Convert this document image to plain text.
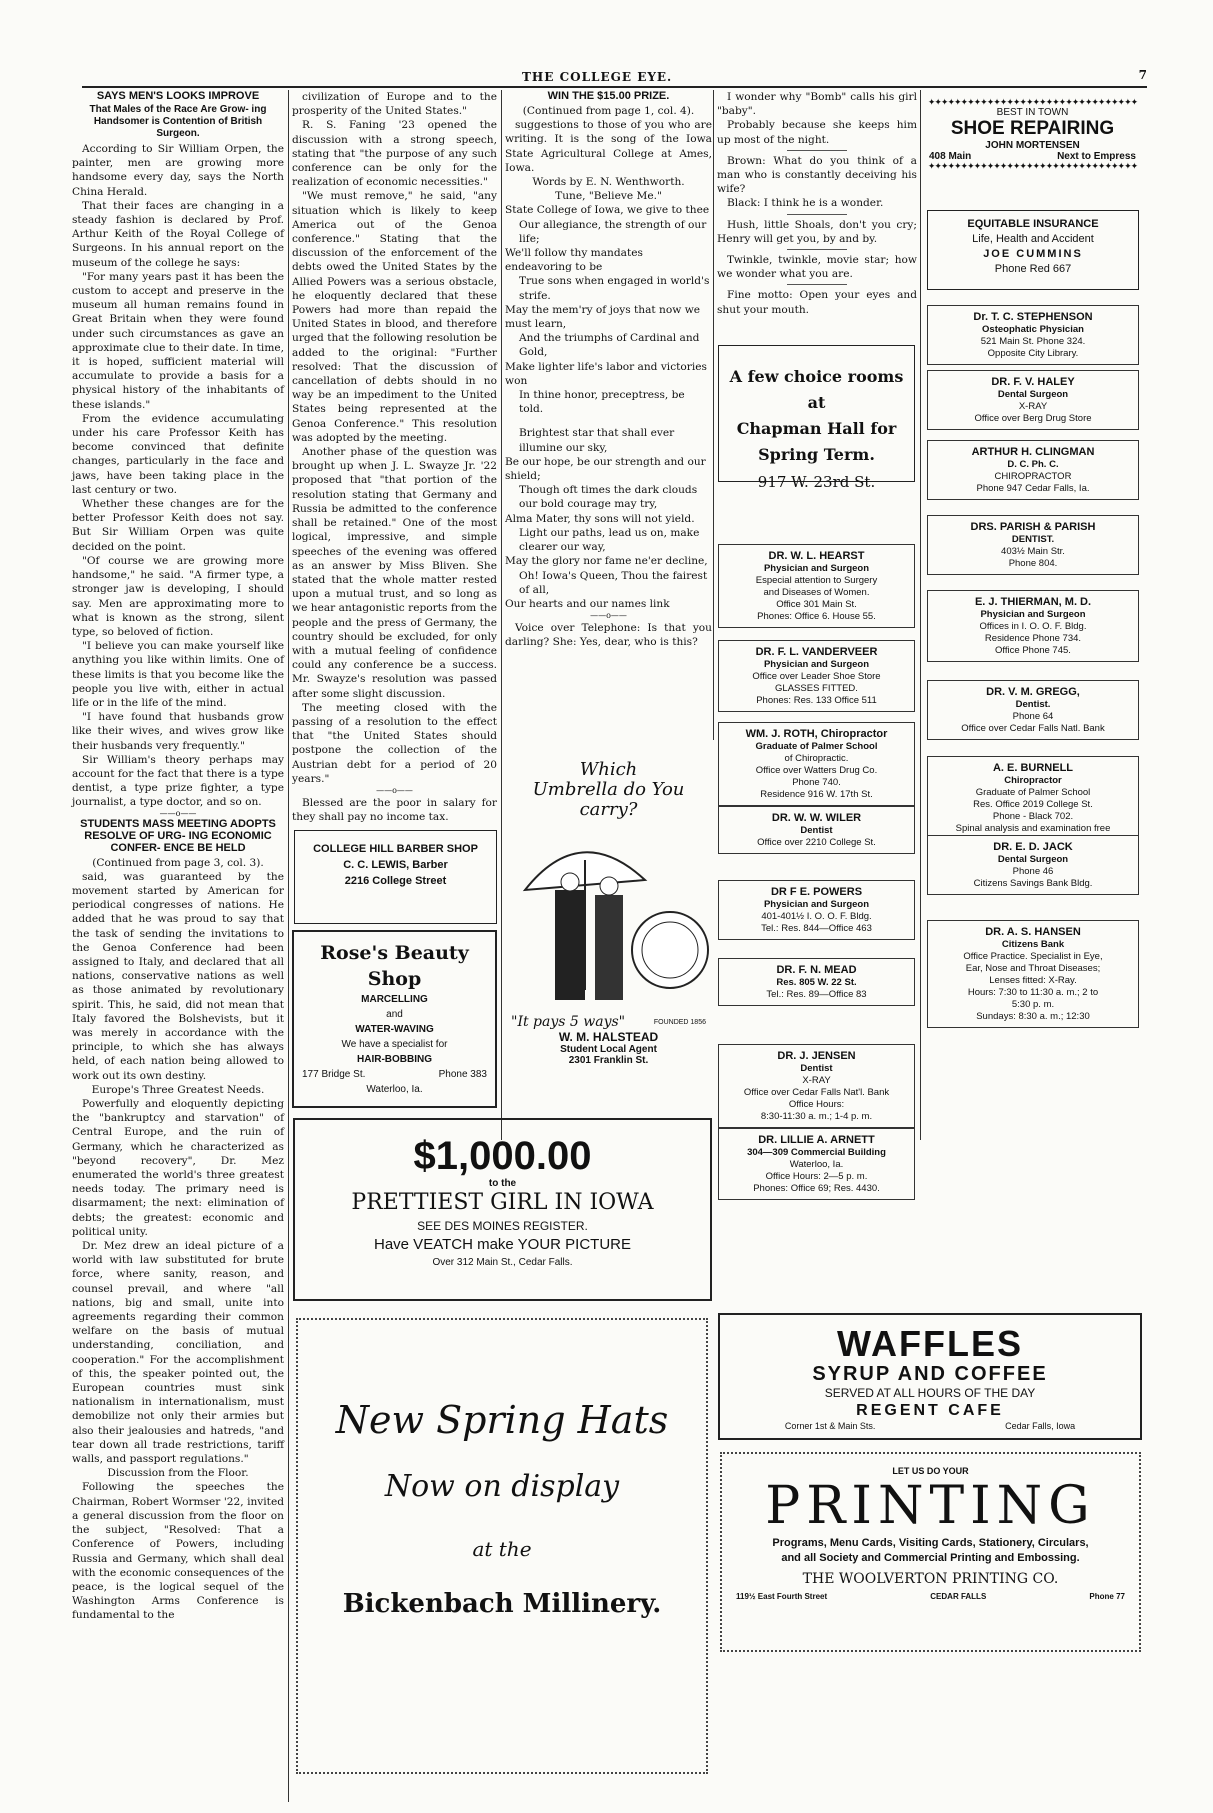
THE COLLEGE EYE.	7
SAYS MEN'S LOOKS IMPROVE
That Males of the Race Are Grow- ing Handsomer is Contention of British Surgeon.

According to Sir William Orpen, the painter, men are growing more handsome every day, says the North China Herald.

That their faces are changing in a steady fashion is declared by Prof. Arthur Keith of the Royal College of Surgeons. In his annual report on the museum of the college he says:

"For many years past it has been the custom to accept and preserve in the museum all human remains found in Great Britain when they were found under such circumstances as gave an approximate clue to their date. In time, it is hoped, sufficient material will accumulate to provide a basis for a physical history of the inhabitants of these islands."

From the evidence accumulating under his care Professor Keith has become convinced that definite changes, particularly in the face and jaws, have been taking place in the last century or two.

Whether these changes are for the better Professor Keith does not say. But Sir William Orpen was quite decided on the point.

"Of course we are growing more handsome," he said. "A firmer type, a stronger jaw is developing, I should say. Men are approximating more to what is known as the strong, silent type, so beloved of fiction.

"I believe you can make yourself like anything you like within limits. One of these limits is that you become like the people you live with, either in actual life or in the life of the mind.

"I have found that husbands grow like their wives, and wives grow like their husbands very frequently."

Sir William's theory perhaps may account for the fact that there is a type dentist, a type prize fighter, a type journalist, a type doctor, and so on.

——o——
STUDENTS MASS MEETING ADOPTS RESOLVE OF URG- ING ECONOMIC CONFER- ENCE BE HELD
(Continued from page 3, col. 3).

said, was guaranteed by the movement started by American for periodical congresses of nations. He added that he was proud to say that the task of sending the invitations to the Genoa Conference had been assigned to Italy, and declared that all nations, conservative nations as well as those animated by revolutionary spirit. This, he said, did not mean that Italy favored the Bolshevists, but it was merely in accordance with the principle, to which she has always held, of each nation being allowed to work out its own destiny.

Europe's Three Greatest Needs.

Powerfully and eloquently depicting the "bankruptcy and starvation" of Central Europe, and the ruin of Germany, which he characterized as "beyond recovery", Dr. Mez enumerated the world's three greatest needs today. The primary need is disarmament; the next: elimination of debts; the greatest: economic and political unity.

Dr. Mez drew an ideal picture of a world with law substituted for brute force, where sanity, reason, and counsel prevail, and where "all nations, big and small, unite into agreements regarding their common welfare on the basis of mutual understanding, conciliation, and cooperation." For the accomplishment of this, the speaker pointed out, the European countries must sink nationalism in internationalism, must demobilize not only their armies but also their jealousies and hatreds, "and tear down all trade restrictions, tariff walls, and passport regulations."

Discussion from the Floor.

Following the speeches the Chairman, Robert Wormser '22, invited a general discussion from the floor on the subject, "Resolved: That a Conference of Powers, including Russia and Germany, which shall deal with the economic consequences of the peace, is the logical sequel of the Washington Arms Conference is fundamental to the

civilization of Europe and to the prosperity of the United States."

R. S. Faning '23 opened the discussion with a strong speech, stating that "the purpose of any such conference can be only for the realization of economic necessities."

"We must remove," he said, "any situation which is likely to keep America out of the Genoa conference." Stating that the discussion of the enforcement of the debts owed the United States by the Allied Powers was a serious obstacle, he eloquently declared that these Powers had more than repaid the United States in blood, and therefore urged that the following resolution be added to the original: "Further resolved: That the discussion of cancellation of debts should in no way be an impediment to the United States being represented at the Genoa Conference." This resolution was adopted by the meeting.

Another phase of the question was brought up when J. L. Swayze Jr. '22 proposed that "that portion of the resolution stating that Germany and Russia be admitted to the conference shall be retained." One of the most logical, impressive, and simple speeches of the evening was offered as an answer by Miss Bliven. She stated that the whole matter rested upon a mutual trust, and so long as we hear antagonistic reports from the people and the press of Germany, the country should be excluded, for only with a mutual feeling of confidence could any conference be a success. Mr. Swayze's resolution was passed after some slight discussion.

The meeting closed with the passing of a resolution to the effect that "the United States should postpone the collection of the Austrian debt for a period of 20 years."

——o——

Blessed are the poor in salary for they shall pay no income tax.

COLLEGE HILL BARBER SHOP
C. C. LEWIS, Barber
2216 College Street
Rose's Beauty Shop
MARCELLING
and
WATER-WAVING
We have a specialist for
HAIR-BOBBING
177 Bridge St.	Phone 383
Waterloo, Ia.
WIN THE $15.00 PRIZE.
(Continued from page 1, col. 4).

suggestions to those of you who are writing. It is the song of the Iowa State Agricultural College at Ames, Iowa.

Words by E. N. Wenthworth.
Tune, "Believe Me."
State College of Iowa, we give to thee
Our allegiance, the strength of our life;
We'll follow thy mandates endeavoring to be
True sons when engaged in world's strife.
May the mem'ry of joys that now we must learn,
And the triumphs of Cardinal and Gold,
Make lighter life's labor and victories won
In thine honor, preceptress, be told.
Brightest star that shall ever illumine our sky,
Be our hope, be our strength and our shield;
Though oft times the dark clouds our bold courage may try,
Alma Mater, thy sons will not yield.
Light our paths, lead us on, make clearer our way,
May the glory nor fame ne'er decline,
Oh! Iowa's Queen, Thou the fairest of all,
Our hearts and our names link
——o——

Voice over Telephone: Is that you darling? She: Yes, dear, who is this?

Which
Umbrella do You carry?
"It pays 5 ways"	FOUNDED 1856
W. M. HALSTEAD
Student Local Agent
2301 Franklin St.

I wonder why "Bomb" calls his girl "baby".

Probably because she keeps him up most of the night.

Brown: What do you think of a man who is constantly deceiving his wife?

Black: I think he is a wonder.

Hush, little Shoals, don't you cry; Henry will get you, by and by.

Twinkle, twinkle, movie star; how we wonder what you are.

Fine motto: Open your eyes and shut your mouth.

A few choice rooms at
Chapman Hall for
Spring Term.
917 W. 23rd St.
DR. W. L. HEARST
Physician and Surgeon
Especial attention to Surgery
and Diseases of Women.
Office 301 Main St.
Phones: Office 6. House 55.
DR. F. L. VANDERVEER
Physician and Surgeon
Office over Leader Shoe Store
GLASSES FITTED.
Phones: Res. 133 Office 511
WM. J. ROTH, Chiropractor
Graduate of Palmer School
of Chiropractic.
Office over Watters Drug Co.
Phone 740.
Residence 916 W. 17th St.
DR. W. W. WILER
Dentist
Office over 2210 College St.
DR F E. POWERS
Physician and Surgeon
401-401½ I. O. O. F. Bldg.
Tel.: Res. 844—Office 463
DR. F. N. MEAD
Res. 805 W. 22 St.
Tel.: Res. 89—Office 83
DR. J. JENSEN
Dentist
X-RAY
Office over Cedar Falls Nat'l. Bank
Office Hours:
8:30-11:30 a. m.; 1-4 p. m.
DR. LILLIE A. ARNETT
304—309 Commercial Building
Waterloo, Ia.
Office Hours: 2—5 p. m.
Phones: Office 69; Res. 4430.
✦✦✦✦✦✦✦✦✦✦✦✦✦✦✦✦✦✦✦✦✦✦✦✦✦✦✦✦✦✦✦✦
BEST IN TOWN
SHOE REPAIRING
JOHN MORTENSEN
408 Main	Next to Empress
✦✦✦✦✦✦✦✦✦✦✦✦✦✦✦✦✦✦✦✦✦✦✦✦✦✦✦✦✦✦✦✦
EQUITABLE INSURANCE
Life, Health and Accident
JOE CUMMINS
Phone Red 667
Dr. T. C. STEPHENSON
Osteophatic Physician
521 Main St. Phone 324.
Opposite City Library.
DR. F. V. HALEY
Dental Surgeon
X-RAY
Office over Berg Drug Store
ARTHUR H. CLINGMAN
D. C. Ph. C.
CHIROPRACTOR
Phone 947 Cedar Falls, Ia.
DRS. PARISH & PARISH
DENTIST.
403½ Main Str.
Phone 804.
E. J. THIERMAN, M. D.
Physician and Surgeon
Offices in I. O. O. F. Bldg.
Residence Phone 734.
Office Phone 745.
DR. V. M. GREGG,
Dentist.
Phone 64
Office over Cedar Falls Natl. Bank
A. E. BURNELL
Chiropractor
Graduate of Palmer School
Res. Office 2019 College St.
Phone - Black 702.
Spinal analysis and examination free
DR. E. D. JACK
Dental Surgeon
Phone 46
Citizens Savings Bank Bldg.
DR. A. S. HANSEN
Citizens Bank
Office Practice. Specialist in Eye,
Ear, Nose and Throat Diseases;
Lenses fitted: X-Ray.
Hours: 7:30 to 11:30 a. m.; 2 to
5:30 p. m.
Sundays: 8:30 a. m.; 12:30
$1,000.00
to the
PRETTIEST GIRL IN IOWA
SEE DES MOINES REGISTER.
Have VEATCH make YOUR PICTURE
Over 312 Main St., Cedar Falls.
New Spring Hats
Now on display
at the
Bickenbach Millinery.
WAFFLES
SYRUP AND COFFEE
SERVED AT ALL HOURS OF THE DAY
REGENT CAFE
Corner 1st & Main Sts.	Cedar Falls, Iowa
LET US DO YOUR
PRINTING
Programs, Menu Cards, Visiting Cards, Stationery, Circulars,
and all Society and Commercial Printing and Embossing.
THE WOOLVERTON PRINTING CO.
119½ East Fourth Street	CEDAR FALLS	Phone 77
